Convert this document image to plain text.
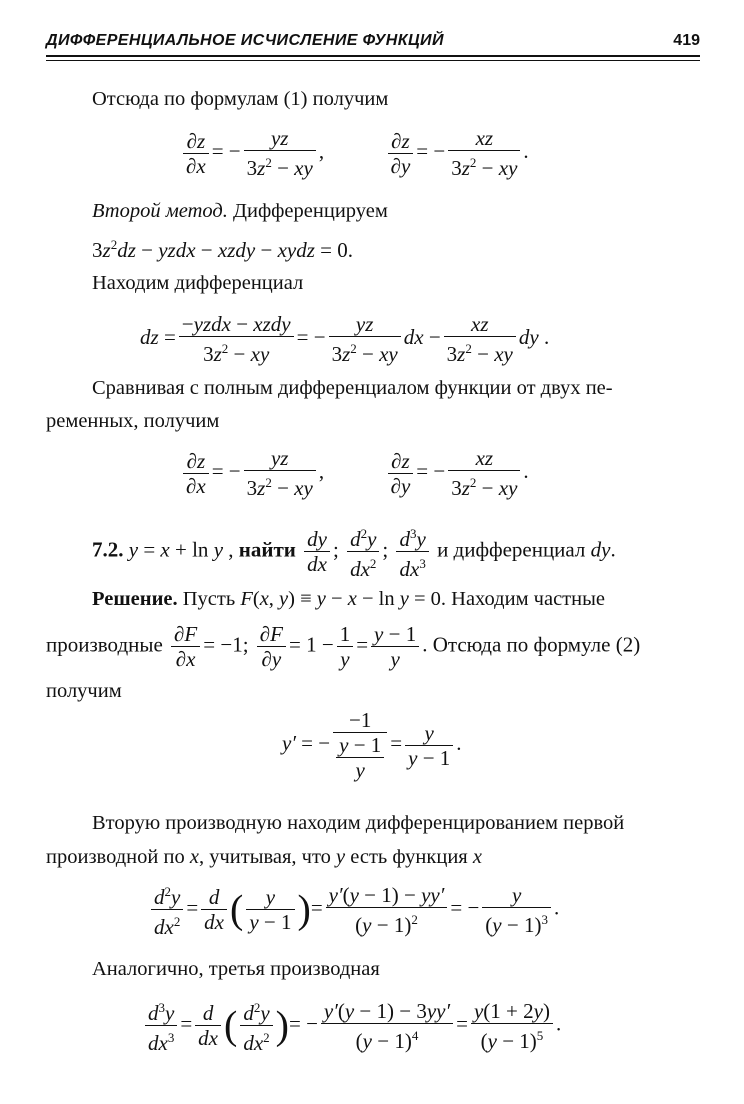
ДИФФЕРЕНЦИАЛЬНОЕ ИСЧИСЛЕНИЕ ФУНКЦИЙ	419
Отсюда по формулам (1) получим
$\frac{\partial z}{\partial x}$ = − $\frac{yz}{3z^2 - xy}$ ,	$\frac{\partial z}{\partial y}$ = − $\frac{xz}{3z^2 - xy}$ .
Второй метод. Дифференцируем
$3z^2dz$ − yzdx − xzdy − xydz = 0.
Находим дифференциал
dz =
−yzdx − xzdy
$3z^2$ − xy
= − $\frac{yz}{3z^2 - xy}$ dx − $\frac{xz}{3z^2 - xy}$ dy .
Сравнивая с полным дифференциалом функции от двух пе-
ременных, получим
$\frac{\partial z}{\partial x}$ = − $\frac{yz}{3z^2 - xy}$ ,	$\frac{\partial z}{\partial y}$ = − $\frac{xz}{3z^2 - xy}$ .
7.2. y = x + ln y , найти $\frac{dy}{dx}$ ; $\frac{d^2y}{dx^2}$ ; $\frac{d^3y}{dx^3}$ и дифференциал dy.
Решение. Пусть F(x, y) ≡ y − x − ln y = 0. Находим частные
производные $\frac{\partial F}{\partial x} = -1$; $\frac{\partial F}{\partial y} = 1 - \frac{1}{y} = \frac{y - 1}{y}$ . Отсюда по формуле (2)
получим
y′ = − $\frac{-1}{\frac{y - 1}{y}} = \frac{y}{y - 1}$ .
Вторую производную находим дифференцированием первой
производной по x, учитывая, что y есть функция x
$\frac{d^2y}{dx^2} = \frac{d}{dx}$ ( $\frac{y}{y - 1}$ )= $\frac{y'(y - 1) - yy'}{(y - 1)^2}$ = − $\frac{y}{(y - 1)^3}$ .
Аналогично, третья производная
$\frac{d^3y}{dx^3} = \frac{d}{dx}$ ( $\frac{d^2y}{dx^2}$ )= − $\frac{y'(y - 1) - 3yy'}{(y - 1)^4} = \frac{y(1 + 2y)}{(y - 1)^5}$ .
